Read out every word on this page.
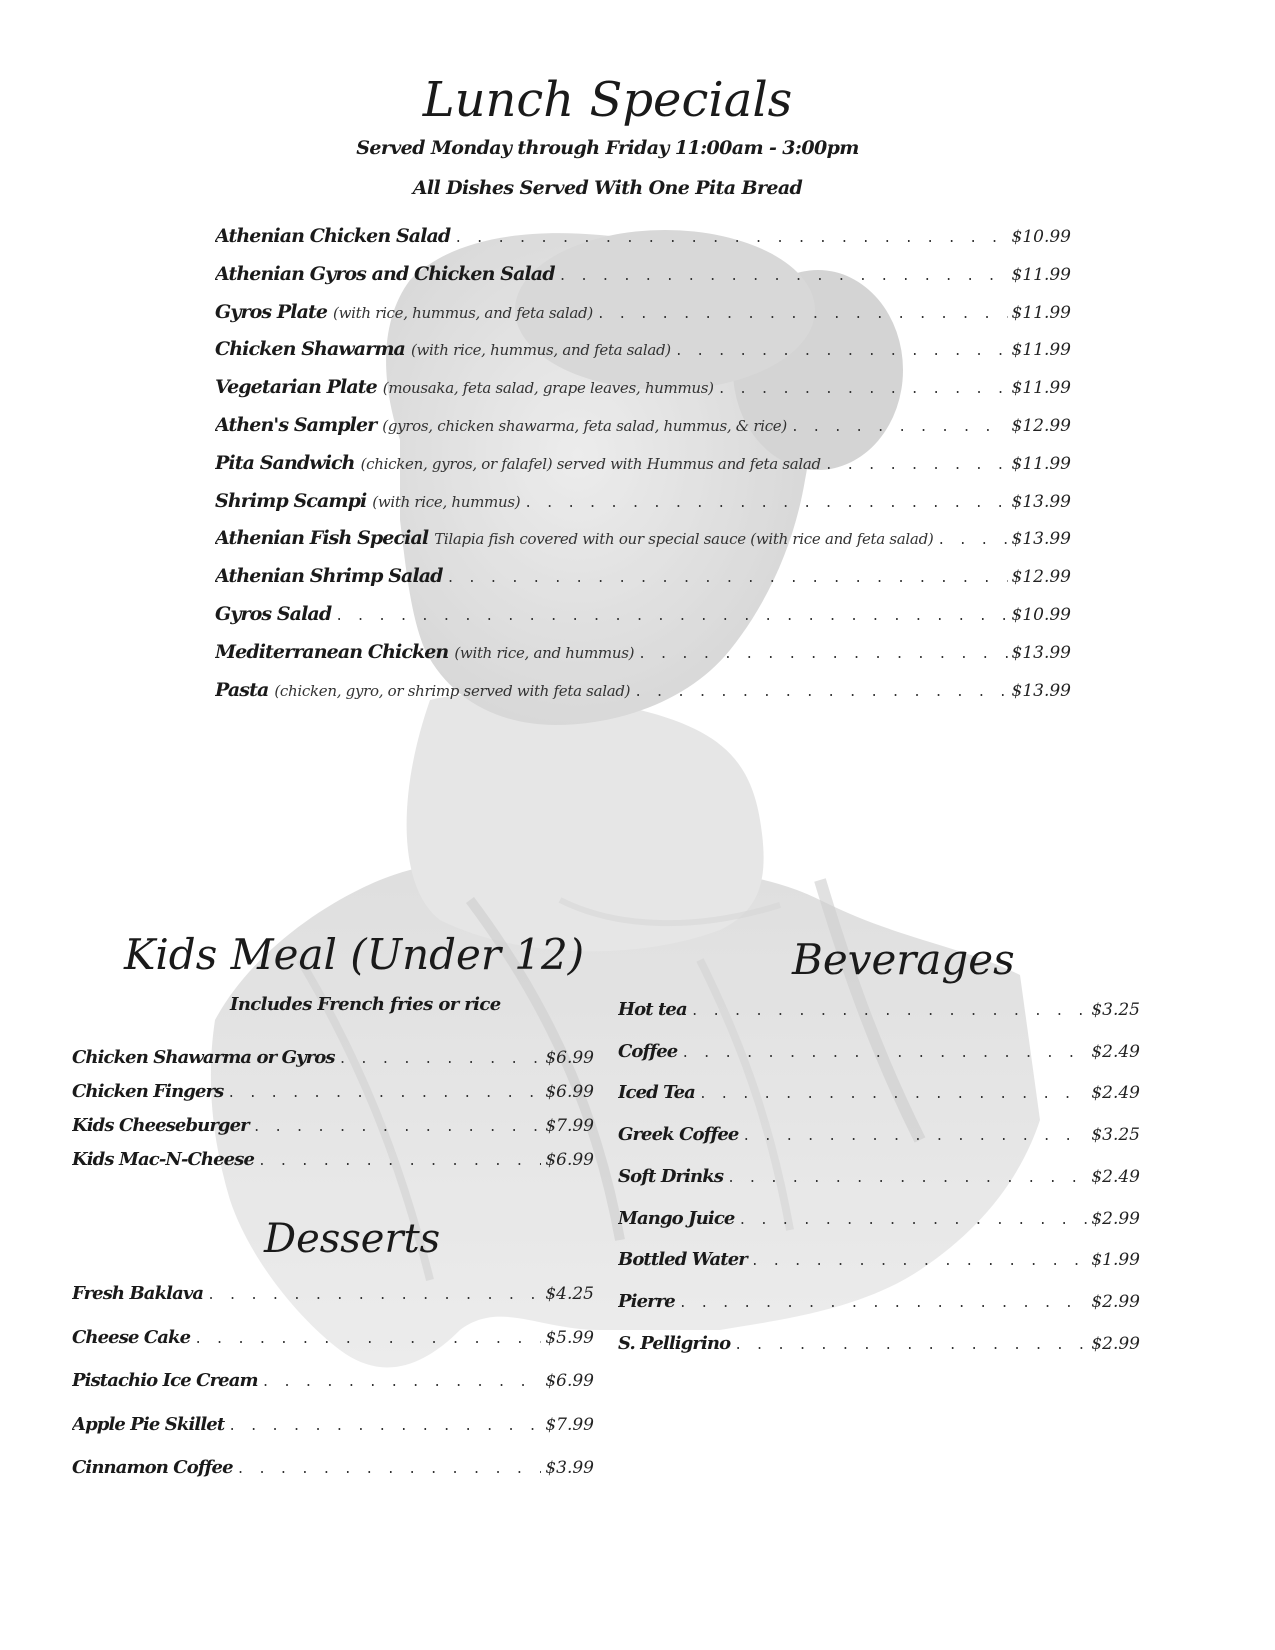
Lunch Specials
Served Monday through Friday 11:00am - 3:00pm
All Dishes Served With One Pita Bread
Athenian Chicken Salad . . .	$10.99
Athenian Gyros and Chicken Salad . . .	$11.99
Gyros Plate (with rice, hummus, and feta salad) . . .	$11.99
Chicken Shawarma (with rice, hummus, and feta salad) . . .	$11.99
Vegetarian Plate (mousaka, feta salad, grape leaves, hummus) . . .	$11.99
Athen's Sampler (gyros, chicken shawarma, feta salad, hummus, & rice) . . .	$12.99
Pita Sandwich (chicken, gyros, or falafel) served with Hummus and feta salad . . .	$11.99
Shrimp Scampi (with rice, hummus) . . .	$13.99
Athenian Fish Special Tilapia fish covered with our special sauce (with rice and feta salad) . . .	$13.99
Athenian Shrimp Salad . . .	$12.99
Gyros Salad . . .	$10.99
Mediterranean Chicken (with rice, and hummus) . . .	$13.99
Pasta (chicken, gyro, or shrimp served with feta salad) . . .	$13.99
Kids Meal (Under 12)
Includes French fries or rice
Chicken Shawarma or Gyros . . .	$6.99
Chicken Fingers . . .	$6.99
Kids Cheeseburger . . .	$7.99
Kids Mac-N-Cheese . . .	$6.99
Desserts
Fresh Baklava . . .	$4.25
Cheese Cake . . .	$5.99
Pistachio Ice Cream . . .	$6.99
Apple Pie Skillet . . .	$7.99
Cinnamon Coffee . . .	$3.99
Beverages
Hot tea . . .	$3.25
Coffee . . .	$2.49
Iced Tea . . .	$2.49
Greek Coffee . . .	$3.25
Soft Drinks . . .	$2.49
Mango Juice . . .	$2.99
Bottled Water . . .	$1.99
Pierre . . .	$2.99
S. Pelligrino . . .	$2.99
